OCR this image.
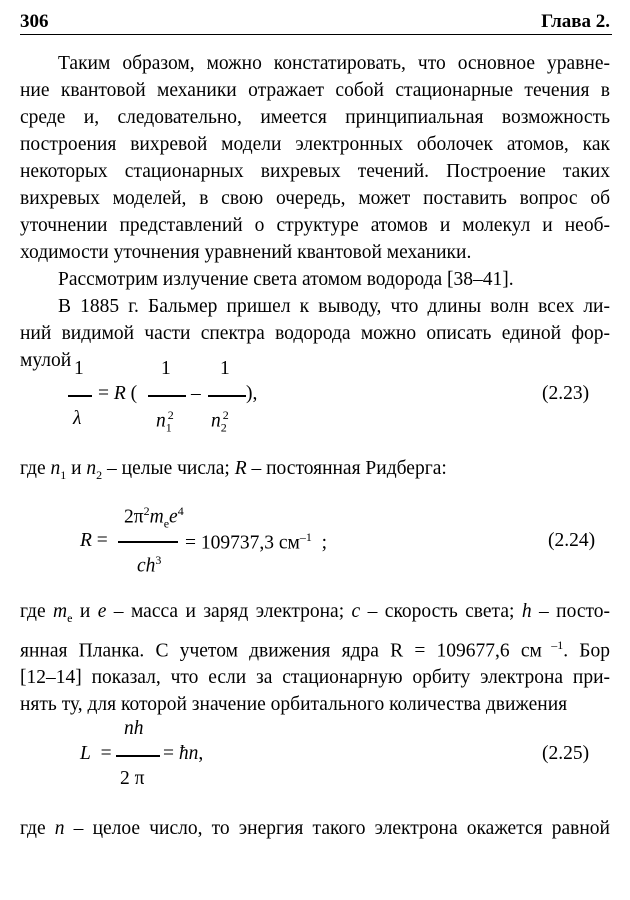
306	Глава 2.
Таким образом, можно констатировать, что основное уравне-
ние квантовой механики отражает собой стационарные течения в
среде и, следовательно, имеется принципиальная возможность
построения вихревой модели электронных оболочек атомов, как
некоторых стационарных вихревых течений. Построение таких
вихревых моделей, в свою очередь, может поставить вопрос об
уточнении представлений о структуре атомов и молекул и необ-
ходимости уточнения уравнений квантовой механики.
Рассмотрим излучение света атомом водорода [38–41].
В 1885 г. Бальмер пришел к выводу, что длины волн всех ли-
ний видимой части спектра водорода можно описать единой фор-
мулой 1
λ
= R (
1
$n_1^2$
–
1
$n_2^2$
),	(2.23)
где $n_1$ и $n_2$ – целые числа; R – постоянная Ридберга:
R =
$2\pi^2m_ee^4$
$ch^3$
= 109737,3 $см^{-1}$ ;	(2.24)
где $m_e$ и e – масса и заряд электрона; c – скорость света; h – посто-
янная Планка. С учетом движения ядра R = 109677,6 см $^{-1}$. Бор
[12–14] показал, что если за стационарную орбиту электрона при-
нять ту, для которой значение орбитального количества движения
L  =
nh
2 π
= ħn,	(2.25)
где n – целое число, то энергия такого электрона окажется равной
